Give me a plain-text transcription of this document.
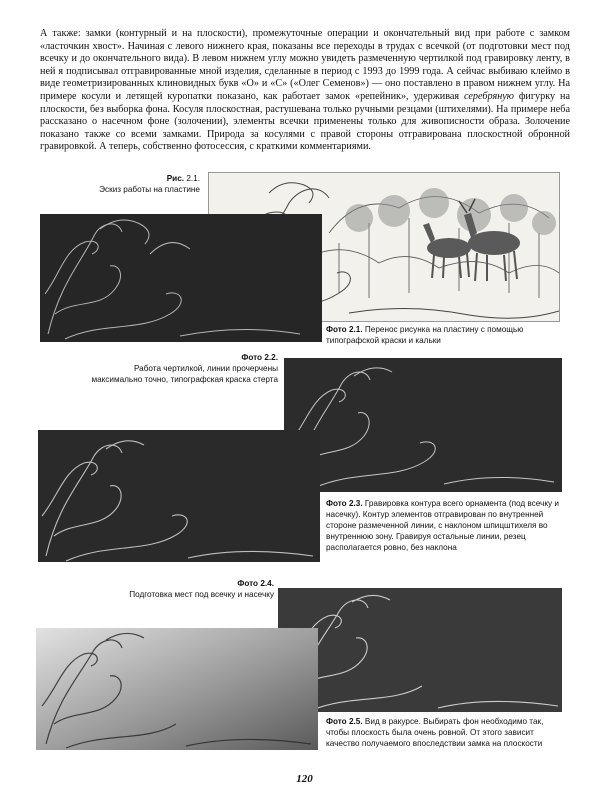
А также: замки (контурный и на плоскости), промежуточные операции и окончательный вид при работе с замком «ласточкин хвост». Начиная с левого нижнего края, показаны все переходы в трудах с всечкой (от подготовки мест под всечку и до окончательного вида). В левом нижнем углу можно увидеть размеченную чертилкой под гравировку ленту, в ней я подписывал отгравированные мной изделия, сделанные в период с 1993 до 1999 года. А сейчас выбиваю клеймо в виде геометризированных клиновидных букв «О» и «С» («Олег Семенов») — оно поставлено в правом нижнем углу. На примере косули и летящей куропатки показано, как работает замок «репейник», удерживая серебряную фигурку на плоскости, без выборка фона. Косуля плоскостная, растушевана только ручными резцами (штихелями). На примере неба рассказано о насечном фоне (золочении), элементы всечки применены только для живописности образа. Золочение показано также со всеми замками. Природа за косулями с правой стороны отгравирована плоскостной обронной гравировкой. А теперь, собственно фотосессия, с краткими комментариями.

Рис. 2.1.
Эскиз работы на пластине
Фото 2.1. Перенос рисунка на пластину с помощью типографской краски и кальки
Фото 2.2.
Работа чертилкой, линии прочерчены максимально точно, типографская краска стерта
Фото 2.3. Гравировка контура всего орнамента (под всечку и насечку). Контур элементов отгравирован по внутренней стороне размеченной линии, с наклоном шпицштихеля во внутреннюю зону. Гравируя остальные линии, резец располагается ровно, без наклона
Фото 2.4.
Подготовка мест под всечку и насечку
Фото 2.5. Вид в ракурсе. Выбирать фон необходимо так, чтобы плоскость была очень ровной. От этого зависит качество получаемого впоследствии замка на плоскости
120
